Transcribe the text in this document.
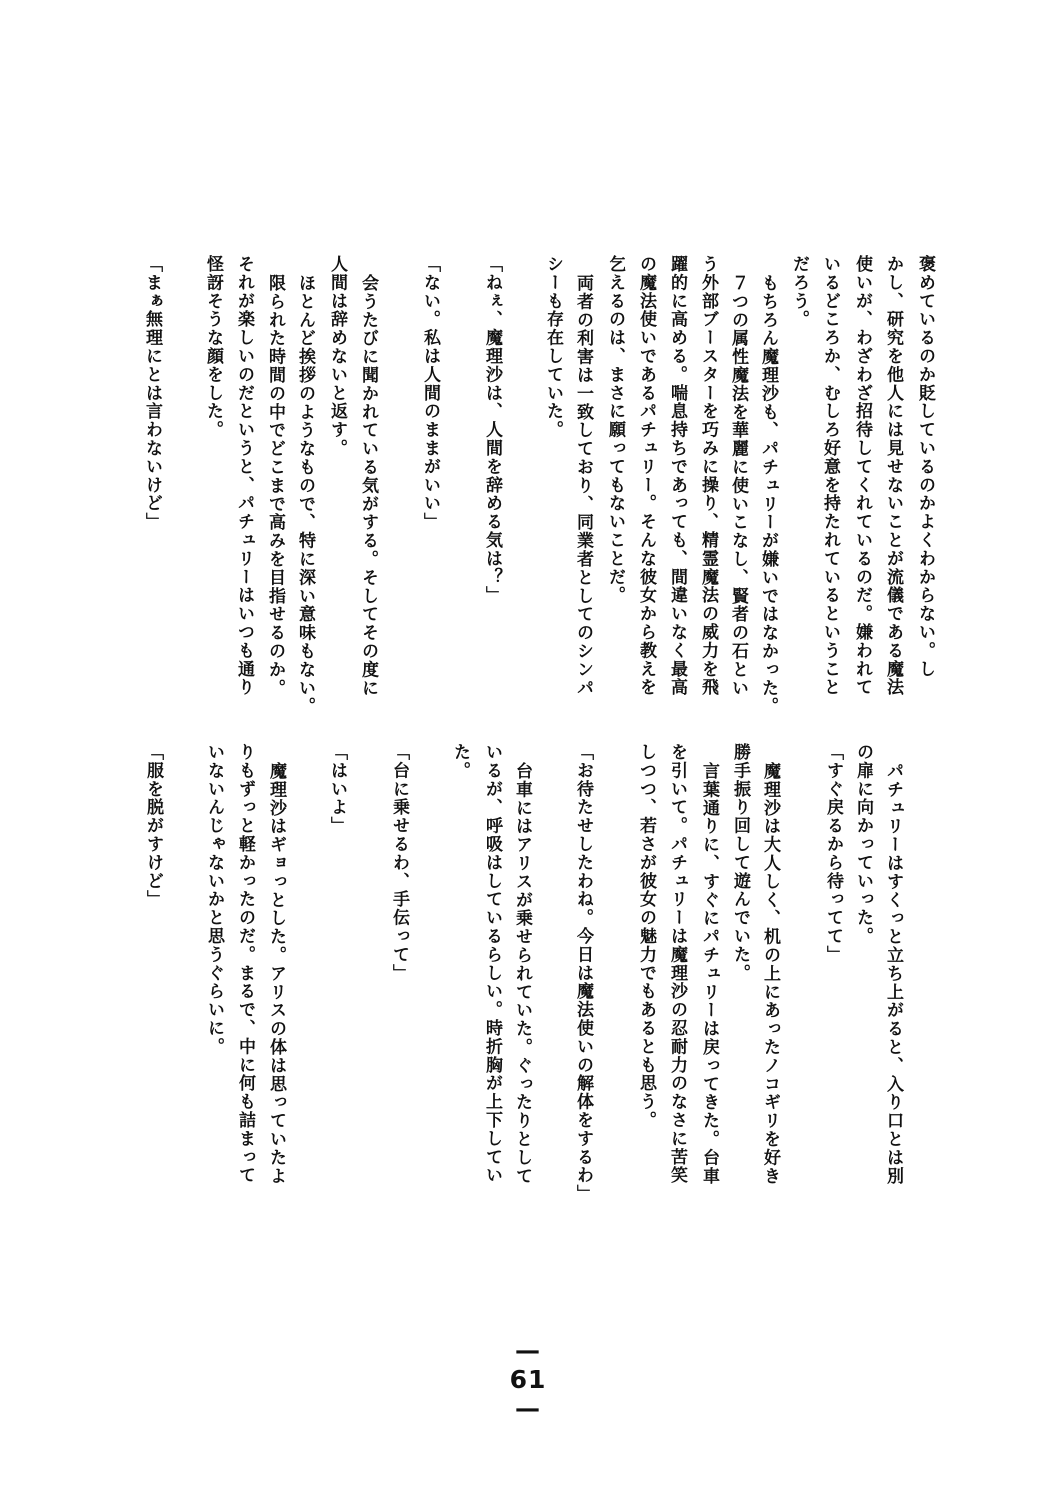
褒めているのか貶しているのかよくわからない。し
かし、研究を他人には見せないことが流儀である魔法
使いが、わざわざ招待してくれているのだ。嫌われて
いるどころか、むしろ好意を持たれているということ
だろう。
もちろん魔理沙も、パチュリーが嫌いではなかった。
７つの属性魔法を華麗に使いこなし、賢者の石とい
う外部ブースターを巧みに操り、精霊魔法の威力を飛
躍的に高める。喘息持ちであっても、間違いなく最高
の魔法使いであるパチュリー。そんな彼女から教えを
乞えるのは、まさに願ってもないことだ。
両者の利害は一致しており、同業者としてのシンパ
シーも存在していた。
「ねぇ、魔理沙は、人間を辞める気は？」
「ない。私は人間のままがいい」
会うたびに聞かれている気がする。そしてその度に
人間は辞めないと返す。
ほとんど挨拶のようなもので、特に深い意味もない。
限られた時間の中でどこまで高みを目指せるのか。
それが楽しいのだというと、パチュリーはいつも通り
怪訝そうな顔をした。
「まぁ無理にとは言わないけど」
パチュリーはすくっと立ち上がると、入り口とは別
の扉に向かっていった。
「すぐ戻るから待ってて」
魔理沙は大人しく、机の上にあったノコギリを好き
勝手振り回して遊んでいた。
言葉通りに、すぐにパチュリーは戻ってきた。台車
を引いて。パチュリーは魔理沙の忍耐力のなさに苦笑
しつつ、若さが彼女の魅力でもあるとも思う。
「お待たせしたわね。今日は魔法使いの解体をするわ」
台車にはアリスが乗せられていた。ぐったりとして
いるが、呼吸はしているらしい。時折胸が上下してい
た。
「台に乗せるわ、手伝って」
「はいよ」
魔理沙はギョっとした。アリスの体は思っていたよ
りもずっと軽かったのだ。まるで、中に何も詰まって
いないんじゃないかと思うぐらいに。
「服を脱がすけど」
—61—
